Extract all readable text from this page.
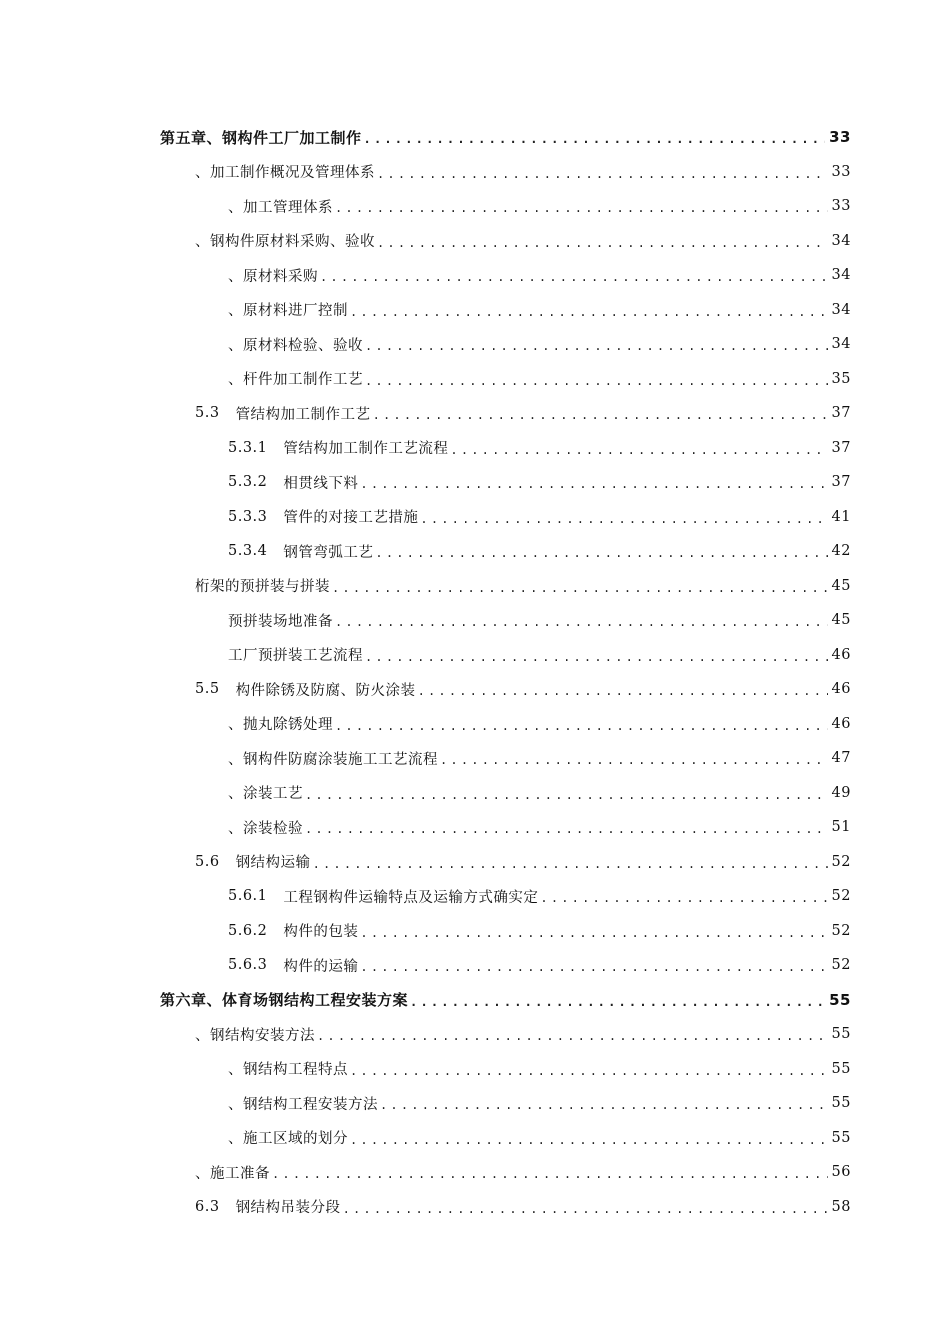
第五章、钢构件工厂加工制作 .....	33
、加工制作概况及管理体系 .....	33
、加工管理体系 .....	33
、钢构件原材料采购、验收 .....	34
、原材料采购 .....	34
、原材料进厂控制 .....	34
、原材料检验、验收 .....	34
、杆件加工制作工艺 .....	35
5.3 管结构加工制作工艺 .....	37
5.3.1 管结构加工制作工艺流程 .....	37
5.3.2 相贯线下料 .....	37
5.3.3 管件的对接工艺措施 .....	41
5.3.4 钢管弯弧工艺 .....	42
桁架的预拼装与拼装 .....	45
预拼装场地准备 .....	45
工厂预拼装工艺流程 .....	46
5.5 构件除锈及防腐、防火涂装 .....	46
、抛丸除锈处理 .....	46
、钢构件防腐涂装施工工艺流程 .....	47
、涂装工艺 .....	49
、涂装检验 .....	51
5.6 钢结构运输 .....	52
5.6.1 工程钢构件运输特点及运输方式确实定 .....	52
5.6.2 构件的包装 .....	52
5.6.3 构件的运输 .....	52
第六章、体育场钢结构工程安装方案 .....	55
、钢结构安装方法 .....	55
、钢结构工程特点 .....	55
、钢结构工程安装方法 .....	55
、施工区域的划分 .....	55
、施工准备 .....	56
6.3 钢结构吊装分段 .....	58
